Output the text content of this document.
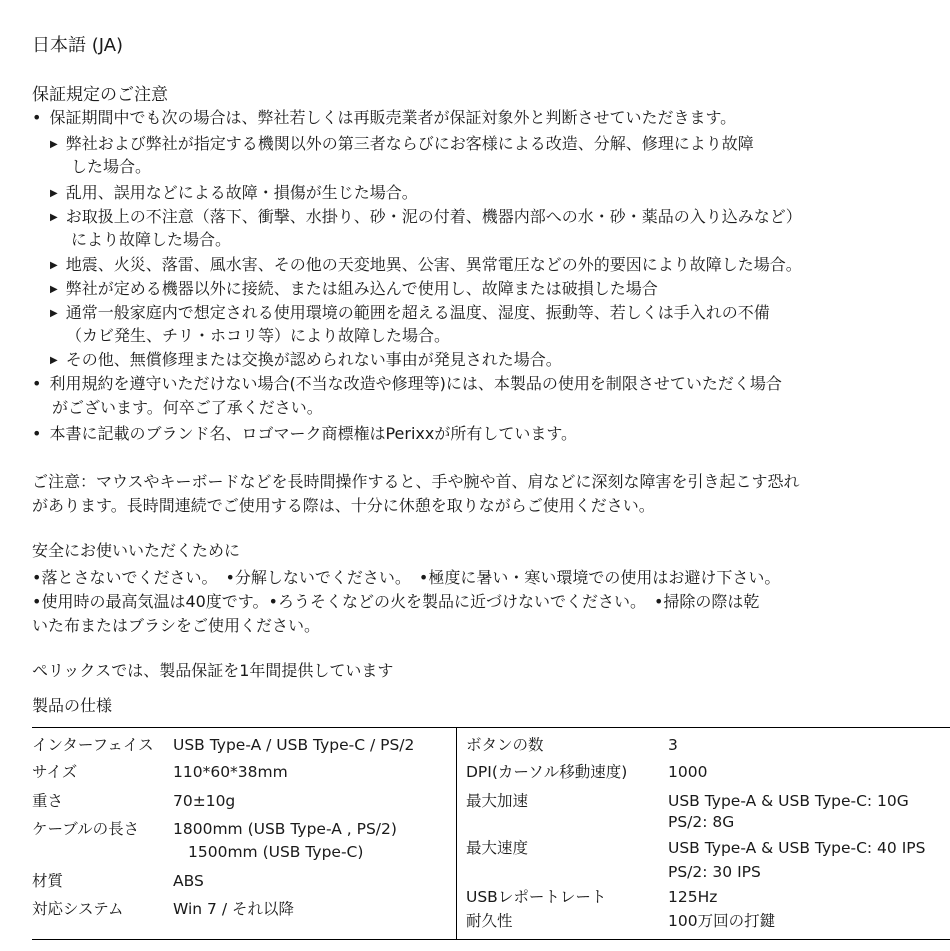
日本語 (JA)
保証規定のご注意
• 保証期間中でも次の場合は、弊社若しくは再販売業者が保証対象外と判断させていただきます。
▶ 弊社および弊社が指定する機関以外の第三者ならびにお客様による改造、分解、修理により故障
した場合。
▶ 乱用、誤用などによる故障・損傷が生じた場合。
▶ お取扱上の不注意（落下、衝撃、水掛り、砂・泥の付着、機器内部への水・砂・薬品の入り込みなど）
により故障した場合。
▶ 地震、火災、落雷、風水害、その他の天変地異、公害、異常電圧などの外的要因により故障した場合。
▶ 弊社が定める機器以外に接続、または組み込んで使用し、故障または破損した場合
▶ 通常一般家庭内で想定される使用環境の範囲を超える温度、湿度、振動等、若しくは手入れの不備
（カビ発生、チリ・ホコリ等）により故障した場合。
▶ その他、無償修理または交換が認められない事由が発見された場合。
• 利用規約を遵守いただけない場合(不当な改造や修理等)には、本製品の使用を制限させていただく場合
がございます。何卒ご了承ください。
• 本書に記載のブランド名、ロゴマーク商標権はPerixxが所有しています。
ご注意：マウスやキーボードなどを長時間操作すると、手や腕や首、肩などに深刻な障害を引き起こす恐れ
があります。長時間連続でご使用する際は、十分に休憩を取りながらご使用ください。
安全にお使いいただくために
•落とさないでください。　•分解しないでください。　•極度に暑い・寒い環境での使用はお避け下さい。
•使用時の最高気温は40度です。•ろうそくなどの火を製品に近づけないでください。　•掃除の際は乾
いた布またはブラシをご使用ください。
ペリックスでは、製品保証を1年間提供しています
製品の仕様
インターフェイス USB Type-A / USB Type-C / PS/2
サイズ	110*60*38mm
重さ	70±10g
ケーブルの長さ 1800mm (USB Type-A , PS/2)
1500mm (USB Type-C)
材質	ABS
対応システム	Win 7 / それ以降
ボタンの数	3
DPI(カーソル移動速度)	1000
最大加速	USB Type-A & USB Type-C: 10G
PS/2: 8G
最大速度	USB Type-A & USB Type-C: 40 IPS
PS/2: 30 IPS
USBレポートレート	125Hz
耐久性	100万回の打鍵
